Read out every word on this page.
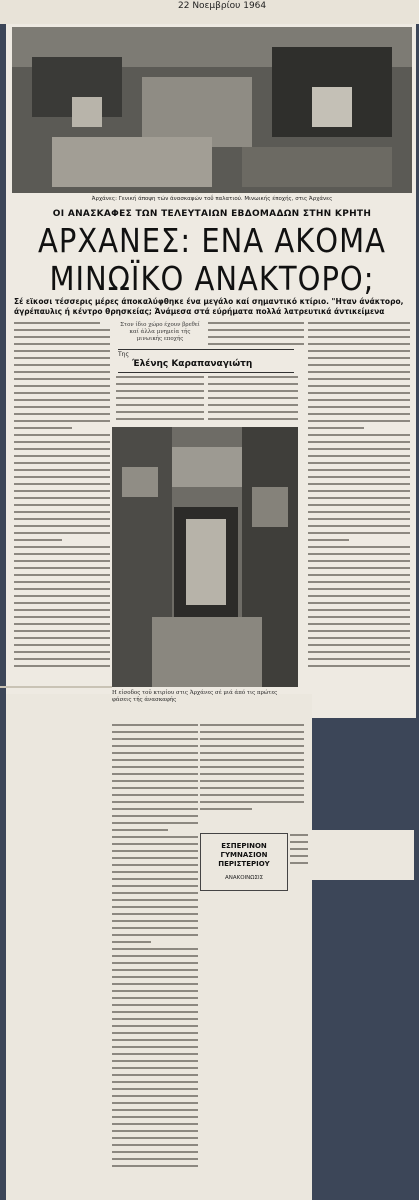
22 Νοεμβρίου 1964
Άρχάνες: Γενική άποψη τών άνασκαφών τοΰ παλατιού. Μινωικής έποχής, στις Άρχάνες
ΟΙ ΑΝΑΣΚΑΦΕΣ ΤΩΝ ΤΕΛΕΥΤΑΙΩΝ ΕΒΔΟΜΑΔΩΝ ΣΤΗΝ ΚΡΗΤΗ
ΑΡΧΑΝΕΣ: ΕΝΑ ΑΚΟΜΑ
ΜΙΝΩΪΚΟ ΑΝΑΚΤΟΡΟ;
Σέ εϊκοσι τέσσερις μέρες άποκαλύφθηκε ένα μεγάλο καί σημαντικό κτίριο. "Ηταν άνάκτορο, άγρέπαυλις ή κέντρο θρησκείας; Άνάμεσα στά εύρήματα πολλά λατρευτικά άντικείμενα
Στον ίδιο χώρο έχουν βρεθεί καί άλλα μνημεία τής μινωικής εποχής
Της
Έλένης Καραπαναγιώτη
Η είσοδος τοϋ κτιρίου στις Άρχάνες σέ μιά άπό τις πρώτες φάσεις τής άνασκαφής
ΕΣΠΕΡΙΝΟΝ ΓΥΜΝΑΣΙΟΝ ΠΕΡΙΣΤΕΡΙΟΥ
ΑΝΑΚΟΙΝΩΣΙΣ
